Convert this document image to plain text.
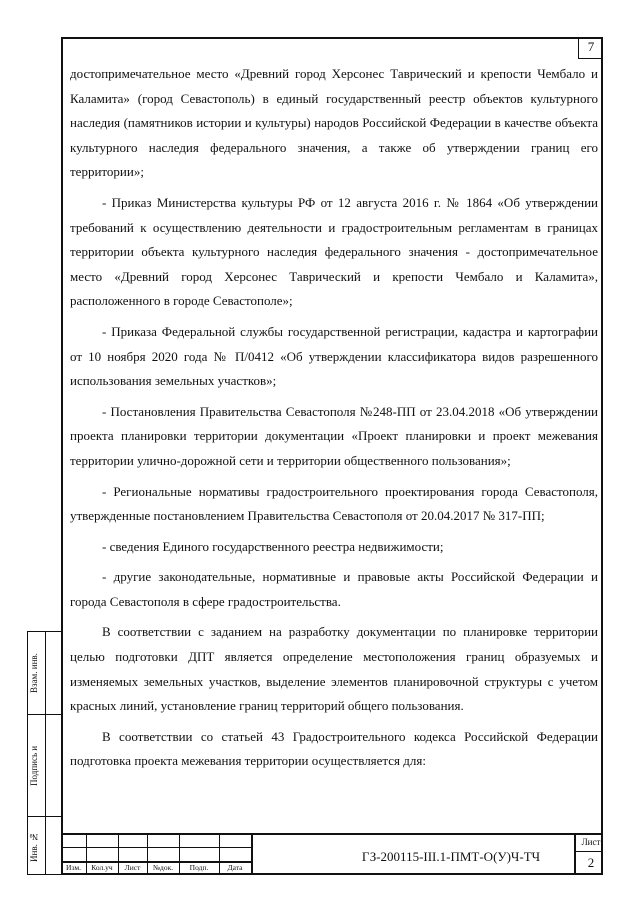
7

достопримечательное место «Древний город Херсонес Таврический и крепости Чембало и Каламита» (город Севастополь) в единый государственный реестр объектов культурного наследия (памятников истории и культуры) народов Российской Федерации в качестве объекта культурного наследия федерального значения, а также об утверждении границ его территории»;

- Приказ Министерства культуры РФ от 12 августа 2016 г. № 1864 «Об утверждении требований к осуществлению деятельности и градостроительным регламентам в границах территории объекта культурного наследия федерального значения - достопримечательное место «Древний город Херсонес Таврический и крепости Чембало и Каламита», расположенного в городе Севастополе»;

- Приказа Федеральной службы государственной регистрации, кадастра и картографии от 10 ноября 2020 года № П/0412 «Об утверждении классификатора видов разрешенного использования земельных участков»;

- Постановления Правительства Севастополя №248-ПП от 23.04.2018 «Об утверждении проекта планировки территории документации «Проект планировки и проект межевания территории улично-дорожной сети и территории общественного пользования»;

- Региональные нормативы градостроительного проектирования города Севастополя, утвержденные постановлением Правительства Севастополя от 20.04.2017 № 317-ПП;

- сведения Единого государственного реестра недвижимости;

- другие законодательные, нормативные и правовые акты Российской Федерации и города Севастополя в сфере градостроительства.

В соответствии с заданием на разработку документации по планировке территории целью подготовки ДПТ является определение местоположения границ образуемых и изменяемых земельных участков, выделение элементов планировочной структуры с учетом красных линий, установление границ территорий общего пользования.

В соответствии со статьей 43 Градостроительного кодекса Российской Федерации подготовка проекта межевания территории осуществляется для:

Взам. инв.
Подпись и
Инв. №
Изм.	Кол.уч	Лист	№док.	Подп.	Дата
ГЗ-200115-III.1-ПМТ-О(У)Ч-ТЧ
Лист
2
